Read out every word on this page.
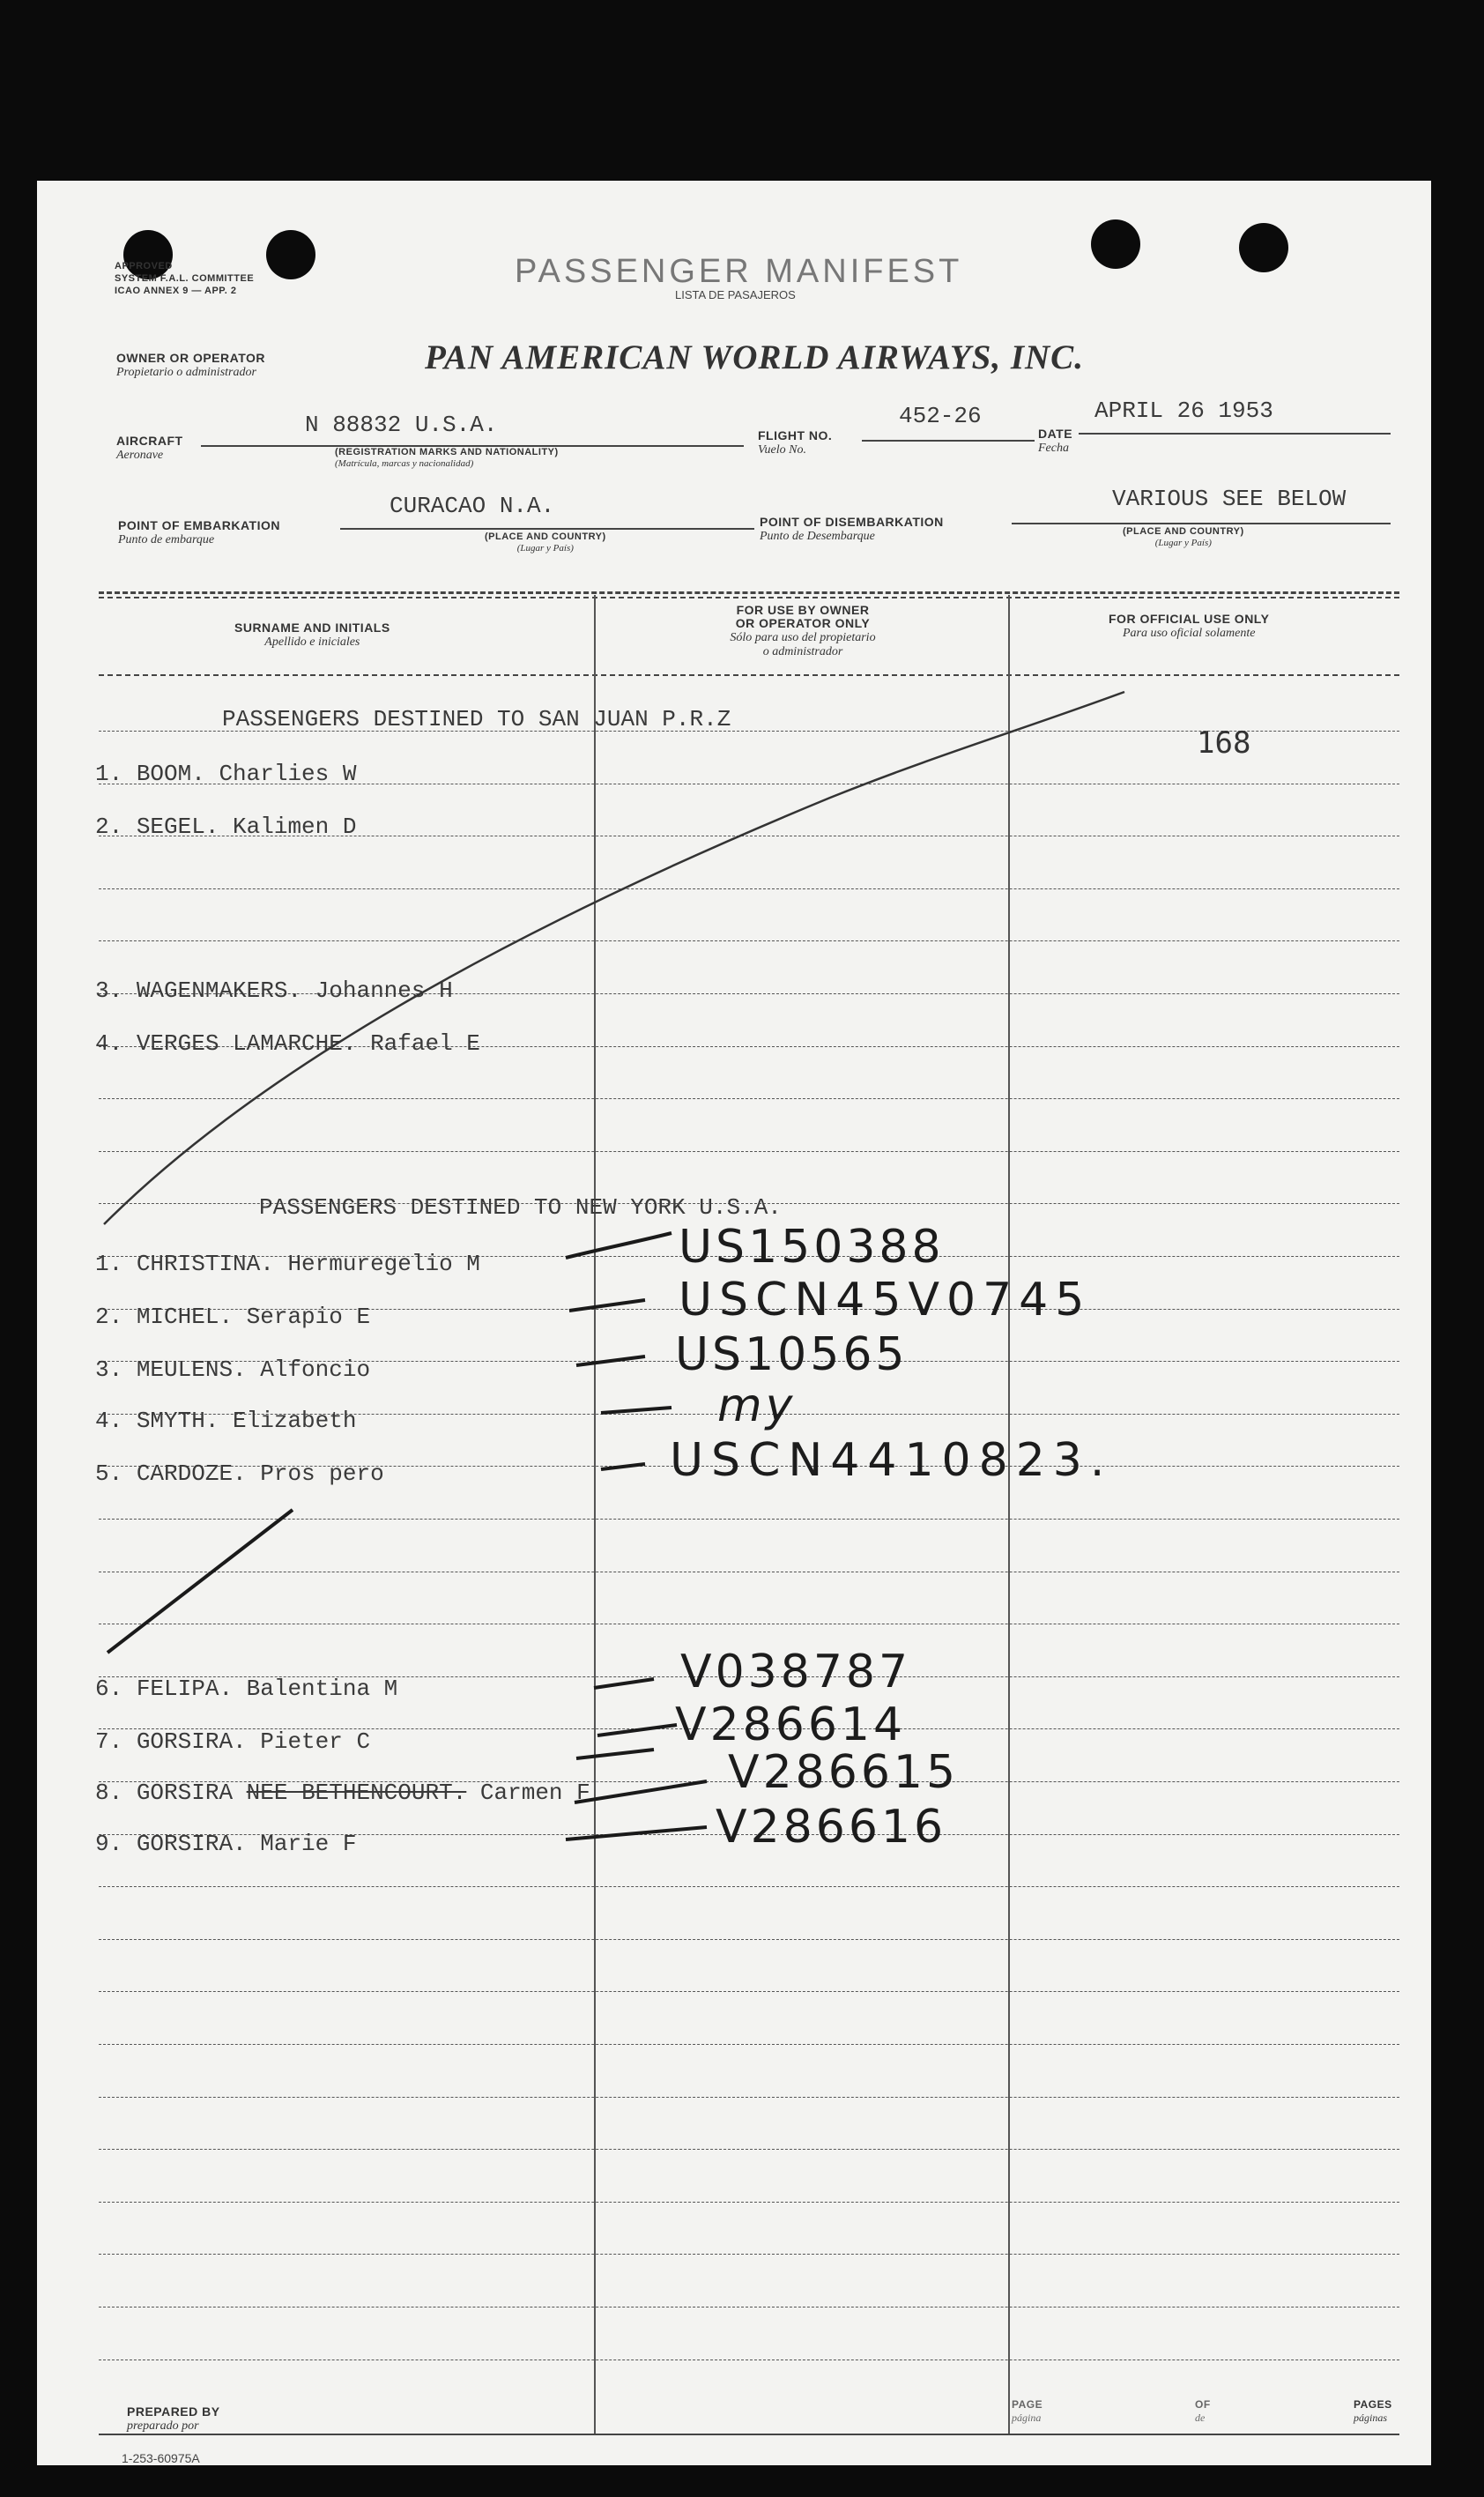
APPROVED
SYSTEM F.A.L. COMMITTEE
ICAO ANNEX 9 — APP. 2
PASSENGER MANIFEST
LISTA DE PASAJEROS
OWNER OR OPERATOR
Propietario o administrador	PAN AMERICAN WORLD AIRWAYS, INC.
AIRCRAFT
Aeronave
N 88832 U.S.A.
(REGISTRATION MARKS AND NATIONALITY)
(Matrícula, marcas y nacionalidad)
FLIGHT NO.
Vuelo No.
452-26
DATE
Fecha
APRIL 26 1953
POINT OF EMBARKATION
Punto de embarque
CURACAO N.A.
(PLACE AND COUNTRY)
(Lugar y País)
POINT OF DISEMBARKATION
Punto de Desembarque
VARIOUS SEE BELOW
(PLACE AND COUNTRY)
(Lugar y País)
SURNAME AND INITIALS
Apellido e iniciales
FOR USE BY OWNER
OR OPERATOR ONLY
Sólo para uso del propietario
o administrador
FOR OFFICIAL USE ONLY
Para uso oficial solamente
PASSENGERS DESTINED TO SAN JUAN P.R.Z
168
1. BOOM. Charlies W
2. SEGEL. Kalimen D
3. WAGENMAKERS. Johannes H
4. VERGES LAMARCHE. Rafael E
PASSENGERS DESTINED TO NEW YORK U.S.A.
1. CHRISTINA. Hermuregelio M
2. MICHEL. Serapio E
3. MEULENS. Alfoncio
4. SMYTH. Elizabeth
5. CARDOZE. Pros pero
6. FELIPA. Balentina M
7. GORSIRA. Pieter C
8. GORSIRA NEE BETHENCOURT. Carmen F
9. GORSIRA. Marie F
US150388
USCN45V0745
US10565
my
USCN4410823.
V038787
V286614
V286615
V286616
PREPARED BY
preparado por
PAGE
página
OF
de
PAGES
páginas
1-253-60975A
